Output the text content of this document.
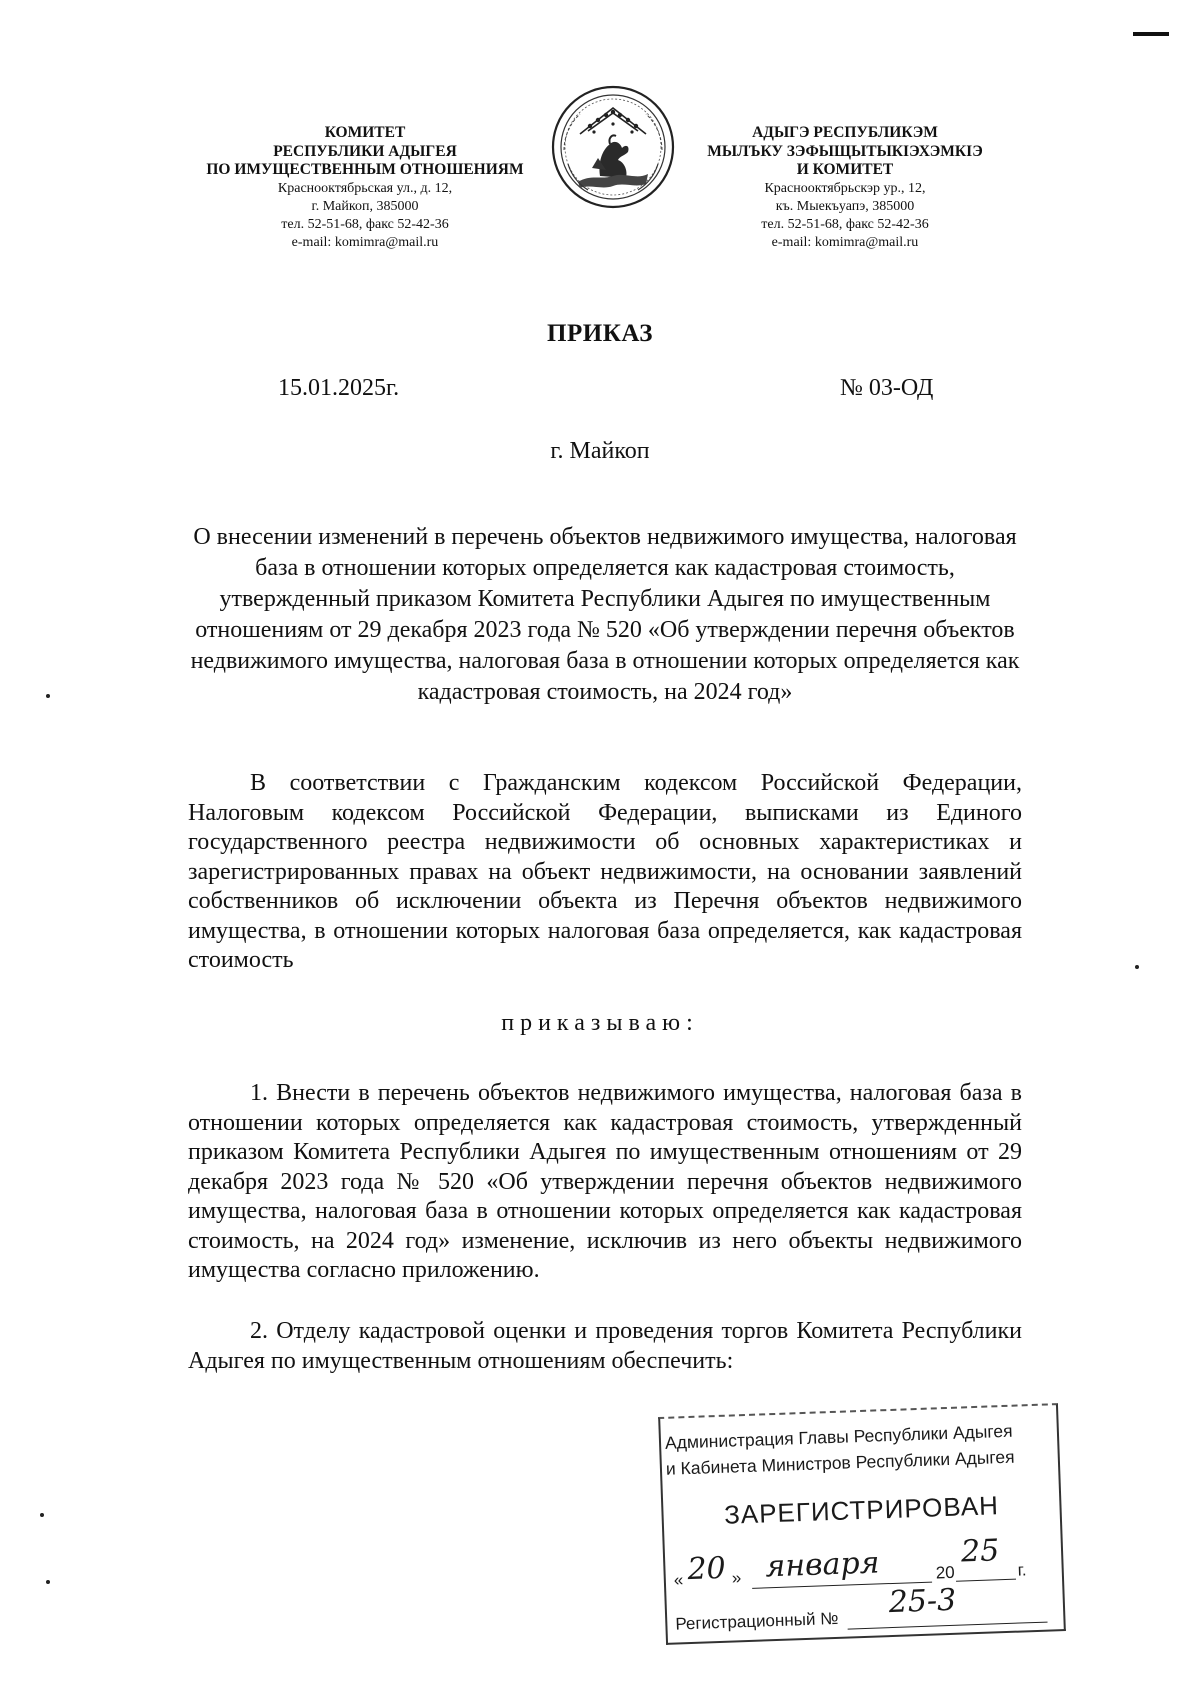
КОМИТЕТ
РЕСПУБЛИКИ АДЫГЕЯ
ПО ИМУЩЕСТВЕННЫМ ОТНОШЕНИЯМ
Красноoктябрьская ул., д. 12,
г. Майкоп, 385000
тел. 52-51-68, факс 52-42-36
e-mail: komimra@mail.ru
АДЫГЭ РЕСПУБЛИКЭМ
МЫЛЪКУ ЗЭФЫЩЫТЫКIЭХЭМКIЭ
И КОМИТЕТ
Краснооктябрьскэр ур., 12,
къ. Мыекъуапэ, 385000
тел. 52-51-68, факс 52-42-36
e-mail: komimra@mail.ru
ПРИКАЗ
15.01.2025г.	№ 03-ОД
г. Майкоп
О внесении изменений в перечень объектов недвижимого имущества, налоговая база в отношении которых определяется как кадастровая стоимость, утвержденный приказом Комитета Республики Адыгея по имущественным отношениям от 29 декабря 2023 года № 520 «Об утверждении перечня объектов недвижимого имущества, налоговая база в отношении которых определяется как кадастровая стоимость, на 2024 год»
В соответствии с Гражданским кодексом Российской Федерации, Налоговым кодексом Российской Федерации, выписками из Единого государственного реестра недвижимости об основных характеристиках и зарегистрированных правах на объект недвижимости, на основании заявлений собственников об исключении объекта из Перечня объектов недвижимого имущества, в отношении которых налоговая база определяется, как кадастровая стоимость
приказываю:
1. Внести в перечень объектов недвижимого имущества, налоговая база в отношении которых определяется как кадастровая стоимость, утвержденный приказом Комитета Республики Адыгея по имущественным отношениям от 29 декабря 2023 года № 520 «Об утверждении перечня объектов недвижимого имущества, налоговая база в отношении которых определяется как кадастровая стоимость, на 2024 год» изменение, исключив из него объекты недвижимого имущества согласно приложению.
2. Отделу кадастровой оценки и проведения торгов Комитета Республики Адыгея по имущественным отношениям обеспечить:
Администрация Главы Республики Адыгея
и Кабинета Министров Республики Адыгея
ЗАРЕГИСТРИРОВАН
« 20 » января	20
25
г.
Регистрационный №
25-3
